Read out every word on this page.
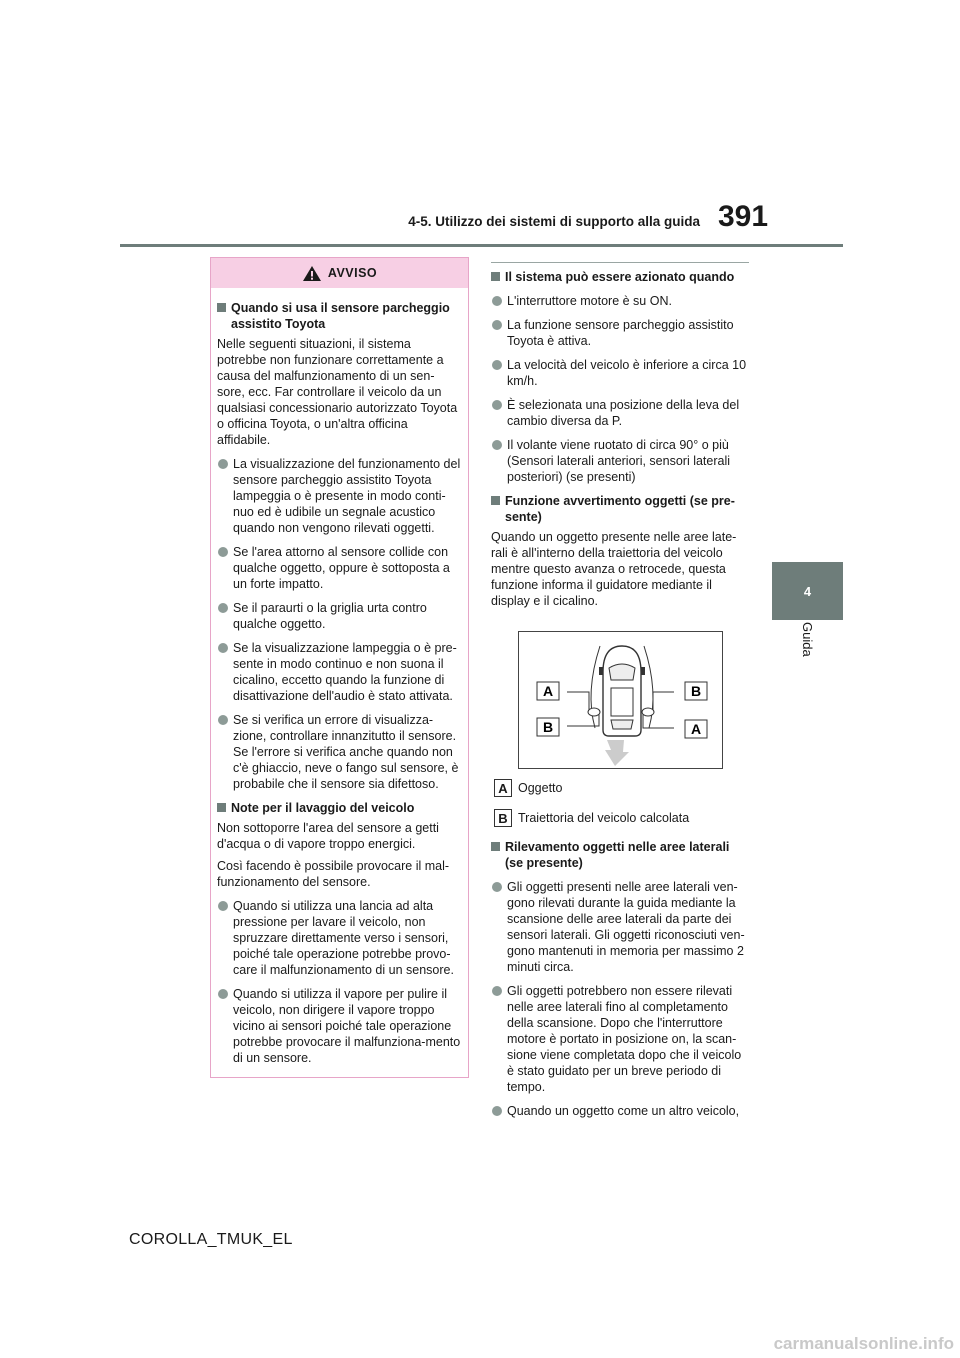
4-5. Utilizzo dei sistemi di supporto alla guida 391
4
Guida
AVVISO
Quando si usa il sensore parcheggio assistito Toyota

Nelle seguenti situazioni, il sistema potrebbe non funzionare correttamente a causa del malfunzionamento di un sen-sore, ecc. Far controllare il veicolo da un qualsiasi concessionario autorizzato Toyota o officina Toyota, o un'altra officina affidabile.

La visualizzazione del funzionamento del sensore parcheggio assistito Toyota lampeggia o è presente in modo conti-nuo ed è udibile un segnale acustico quando non vengono rilevati oggetti.
Se l'area attorno al sensore collide con qualche oggetto, oppure è sottoposta a un forte impatto.
Se il paraurti o la griglia urta contro qualche oggetto.
Se la visualizzazione lampeggia o è pre-sente in modo continuo e non suona il cicalino, eccetto quando la funzione di disattivazione dell'audio è stato attivata.
Se si verifica un errore di visualizza-zione, controllare innanzitutto il sensore. Se l'errore si verifica anche quando non c'è ghiaccio, neve o fango sul sensore, è probabile che il sensore sia difettoso.
Note per il lavaggio del veicolo

Non sottoporre l'area del sensore a getti d'acqua o di vapore troppo energici.

Così facendo è possibile provocare il mal-funzionamento del sensore.

Quando si utilizza una lancia ad alta pressione per lavare il veicolo, non spruzzare direttamente verso i sensori, poiché tale operazione potrebbe provo-care il malfunzionamento di un sensore.
Quando si utilizza il vapore per pulire il veicolo, non dirigere il vapore troppo vicino ai sensori poiché tale operazione potrebbe provocare il malfunziona-mento di un sensore.
Il sistema può essere azionato quando
L'interruttore motore è su ON.
La funzione sensore parcheggio assistito Toyota è attiva.
La velocità del veicolo è inferiore a circa 10 km/h.
È selezionata una posizione della leva del cambio diversa da P.
Il volante viene ruotato di circa 90° o più (Sensori laterali anteriori, sensori laterali posteriori) (se presenti)
Funzione avvertimento oggetti (se pre-sente)

Quando un oggetto presente nelle aree late-rali è all'interno della traiettoria del veicolo mentre questo avanza o retrocede, questa funzione informa il guidatore mediante il display e il cicalino.

A
B
B
A
A Oggetto
B Traiettoria del veicolo calcolata
Rilevamento oggetti nelle aree laterali (se presente)
Gli oggetti presenti nelle aree laterali ven-gono rilevati durante la guida mediante la scansione delle aree laterali da parte dei sensori laterali. Gli oggetti riconosciuti ven-gono mantenuti in memoria per massimo 2 minuti circa.
Gli oggetti potrebbero non essere rilevati nelle aree laterali fino al completamento della scansione. Dopo che l'interruttore motore è portato in posizione on, la scan-sione viene completata dopo che il veicolo è stato guidato per un breve periodo di tempo.
Quando un oggetto come un altro veicolo,
COROLLA_TMUK_EL
carmanualsonline.info
